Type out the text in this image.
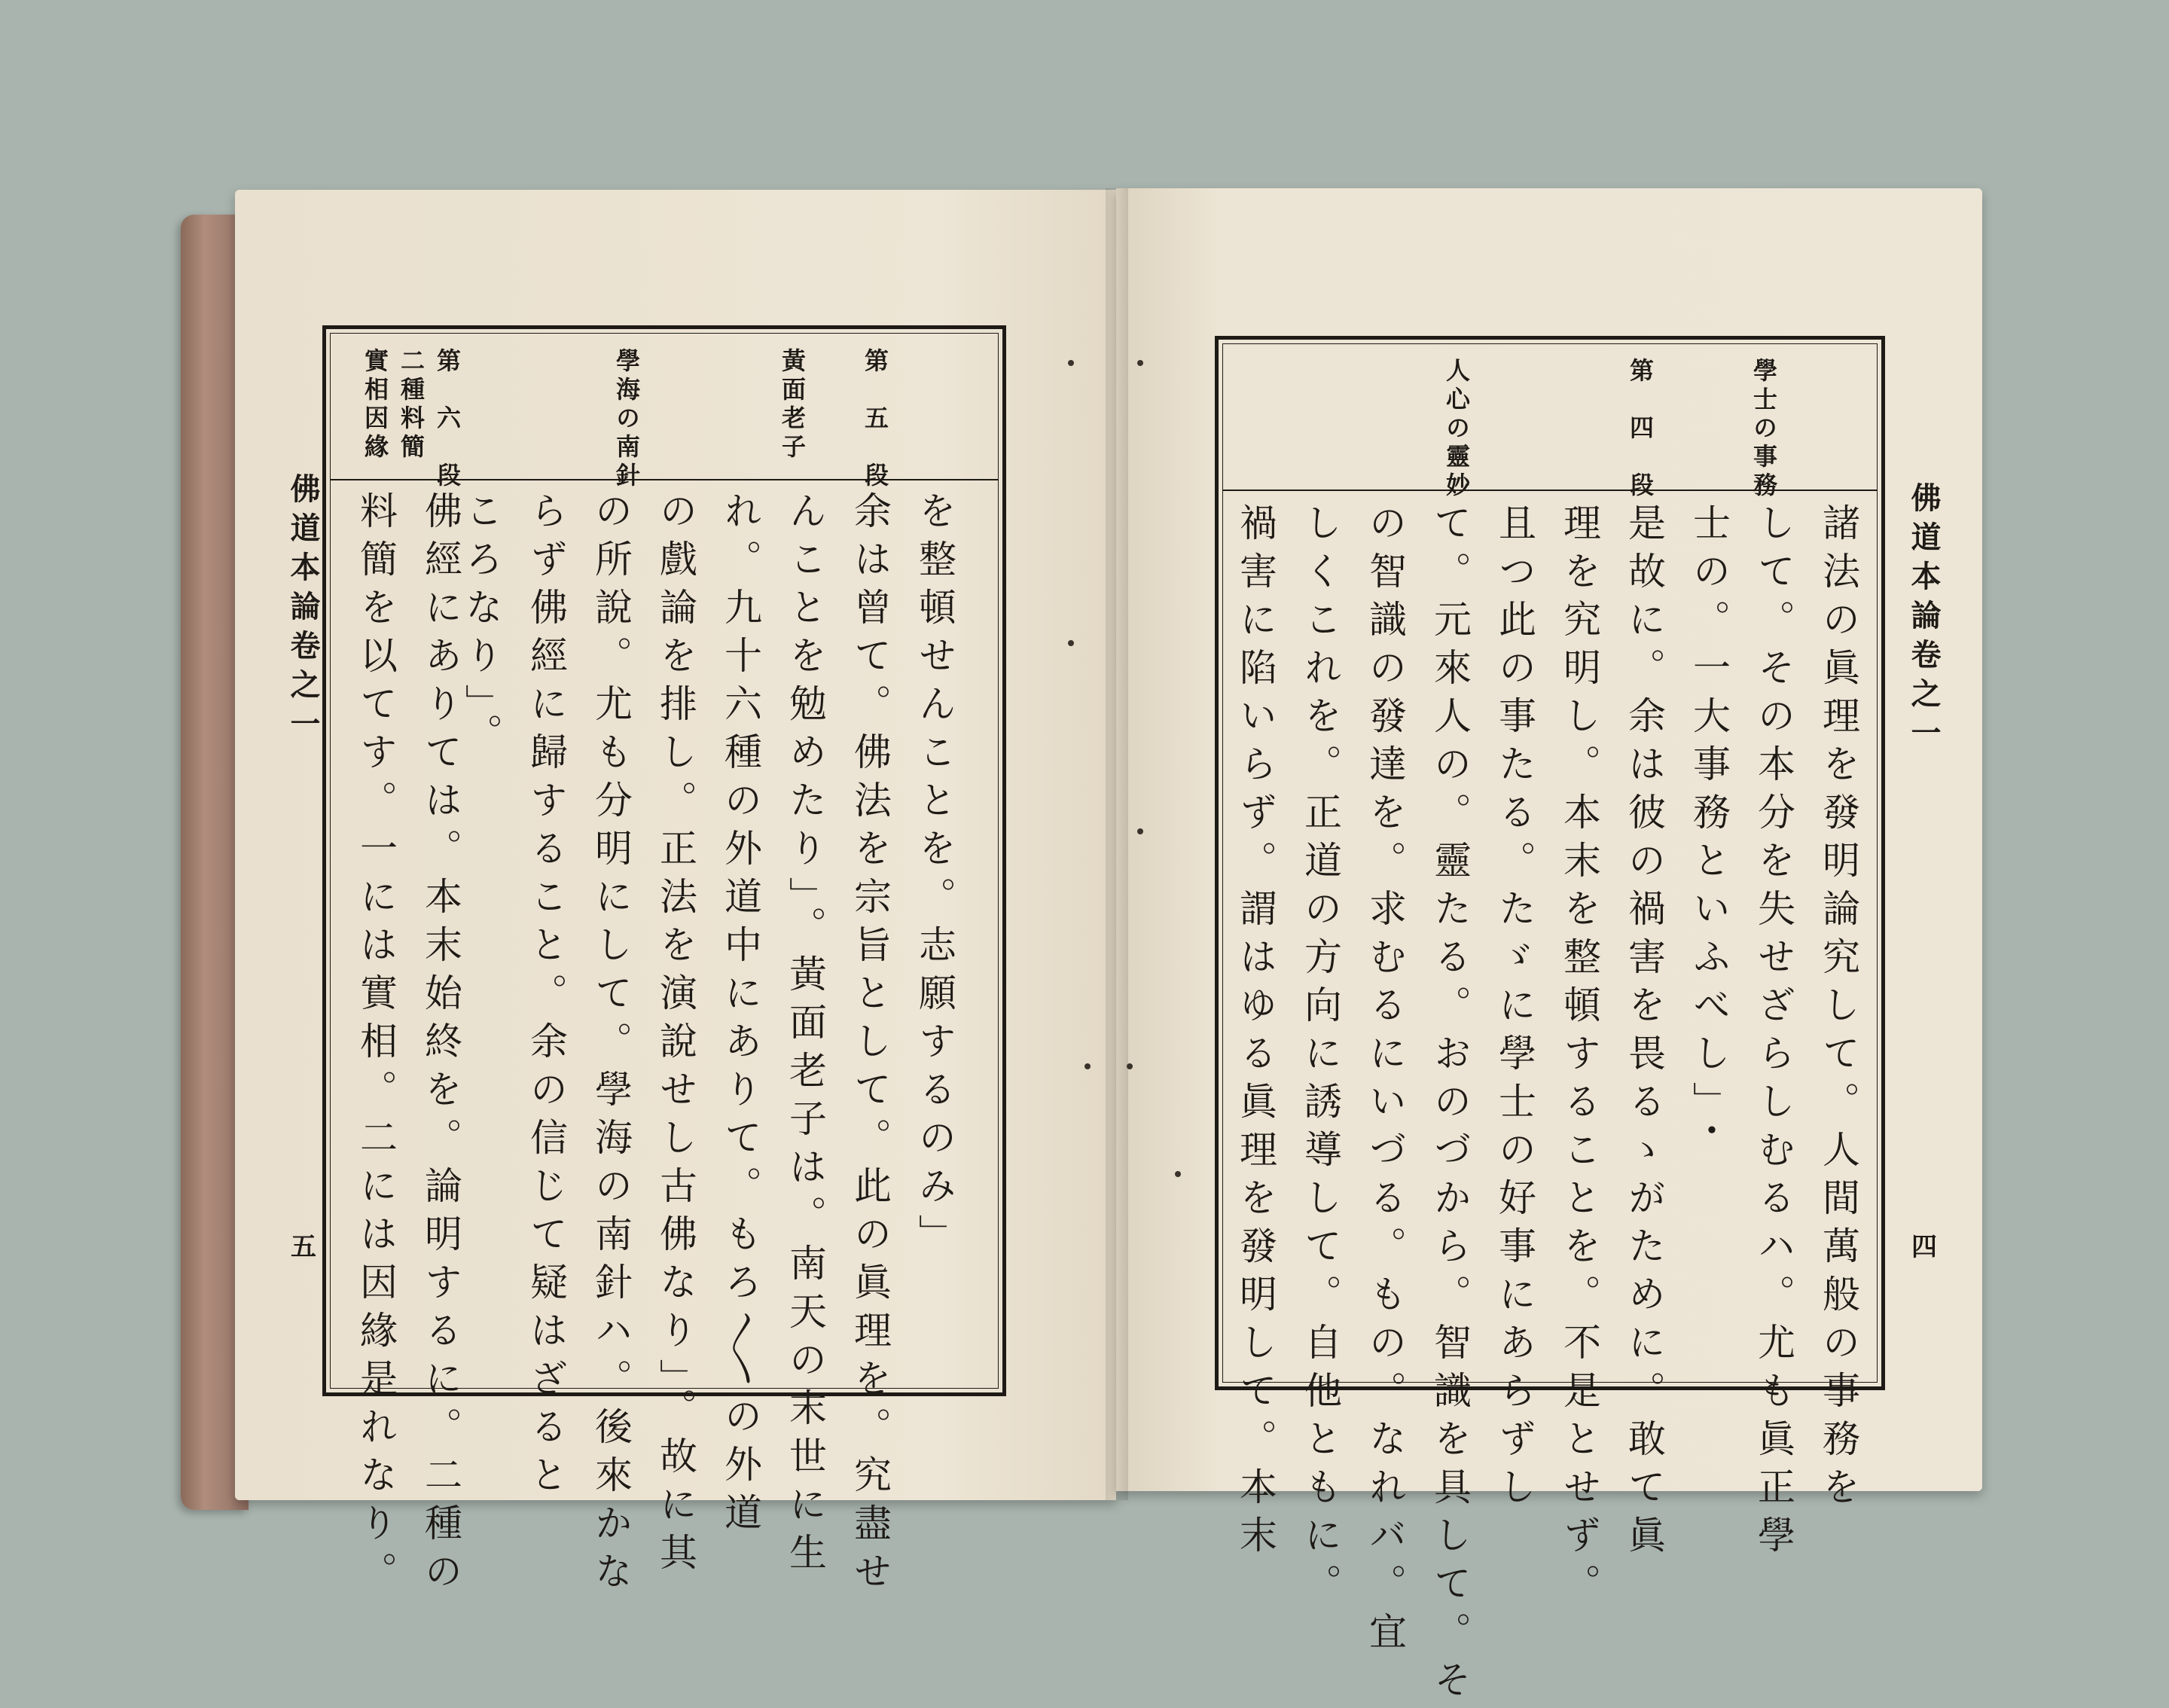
佛道本論卷之一
四
學士の事務
第　四　段
人心の靈妙
諸法の眞理を發明論究して。人間萬般の事務を
して。その本分を失せざらしむるハ。尤も眞正學
士の。一大事務といふべし」・
是故に。余は彼の禍害を畏るゝがために。敢て眞
理を究明し。本末を整頓することを。不是とせず。
且つ此の事たる。たゞに學士の好事にあらずし
て。元來人の。靈たる。おのづから。智識を具して。そ
の智識の發達を。求むるにいづる。もの。なれバ。宜
しくこれを。正道の方向に誘導して。自他ともに。
禍害に陷いらず。謂はゆる眞理を發明して。本末
佛道本論卷之一
五
第　五　段
黃面老子
學海の南針
第　六　段
二種料簡
實相因緣
を整頓せんことを。志願するのみ」
余は曾て。佛法を宗旨として。此の眞理を。究盡せ
んことを勉めたり」。黃面老子は。南天の末世に生
れ。九十六種の外道中にありて。もろ〳〵の外道
の戲論を排し。正法を演說せし古佛なり」。故に其
の所說。尤も分明にして。學海の南針ハ。後來かな
らず佛經に歸すること。余の信じて疑はざると
ころなり」。
佛經にありては。本末始終を。論明するに。二種の
料簡を以てす。一には實相。二には因緣是れなり。
